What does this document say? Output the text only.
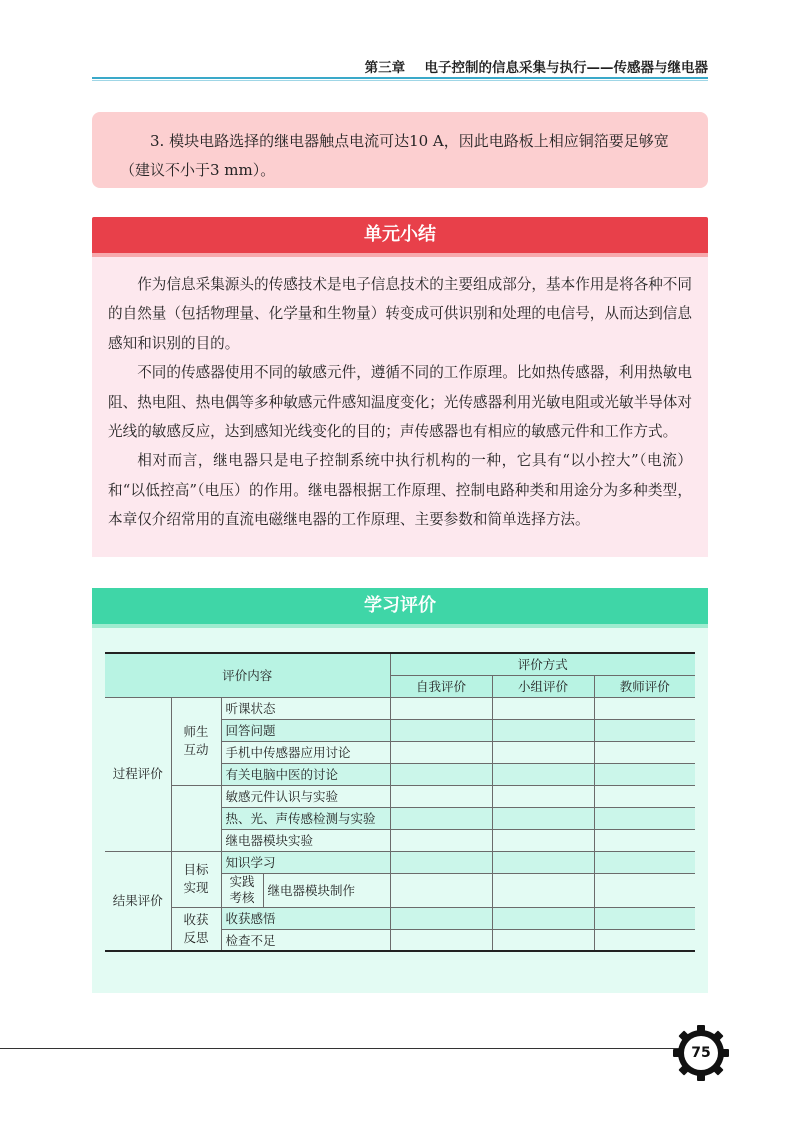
第三章 电子控制的信息采集与执行——传感器与继电器

3. 模块电路选择的继电器触点电流可达10 A，因此电路板上相应铜箔要足够宽（建议不小于3 mm）。

单元小结

作为信息采集源头的传感技术是电子信息技术的主要组成部分，基本作用是将各种不同的自然量（包括物理量、化学量和生物量）转变成可供识别和处理的电信号，从而达到信息感知和识别的目的。

不同的传感器使用不同的敏感元件，遵循不同的工作原理。比如热传感器，利用热敏电阻、热电阻、热电偶等多种敏感元件感知温度变化；光传感器利用光敏电阻或光敏半导体对光线的敏感反应，达到感知光线变化的目的；声传感器也有相应的敏感元件和工作方式。

相对而言，继电器只是电子控制系统中执行机构的一种，它具有“以小控大”（电流）和“以低控高”（电压）的作用。继电器根据工作原理、控制电路种类和用途分为多种类型，本章仅介绍常用的直流电磁继电器的工作原理、主要参数和简单选择方法。

学习评价
评价内容				评价方式		
				自我评价	小组评价	教师评价
过程评价	师生互动	听课状态				
		回答问题				
		手机中传感器应用讨论				
		有关电脑中医的讨论				
		敏感元件认识与实验				
		热、光、声传感检测与实验				
		继电器模块实验				
结果评价	目标实现	知识学习				
		实践考核	继电器模块制作			
	收获反思	收获感悟				
		检查不足				
75
